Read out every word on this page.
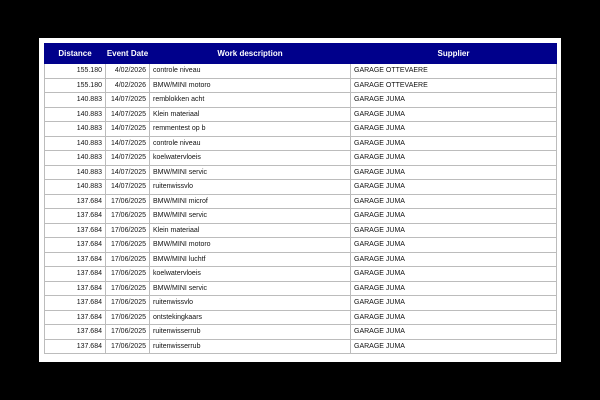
Distance	Event Date	Work description	Supplier
155.180	4/02/2026	controle niveau	GARAGE OTTEVAERE
155.180	4/02/2026	BMW/MINI motoro	GARAGE OTTEVAERE
140.883	14/07/2025	remblokken acht	GARAGE JUMA
140.883	14/07/2025	Klein materiaal	GARAGE JUMA
140.883	14/07/2025	remmentest op b	GARAGE JUMA
140.883	14/07/2025	controle niveau	GARAGE JUMA
140.883	14/07/2025	koelwatervloeis	GARAGE JUMA
140.883	14/07/2025	BMW/MINI servic	GARAGE JUMA
140.883	14/07/2025	ruitenwissvlo	GARAGE JUMA
137.684	17/06/2025	BMW/MINI microf	GARAGE JUMA
137.684	17/06/2025	BMW/MINI servic	GARAGE JUMA
137.684	17/06/2025	Klein materiaal	GARAGE JUMA
137.684	17/06/2025	BMW/MINI motoro	GARAGE JUMA
137.684	17/06/2025	BMW/MINI luchtf	GARAGE JUMA
137.684	17/06/2025	koelwatervloeis	GARAGE JUMA
137.684	17/06/2025	BMW/MINI servic	GARAGE JUMA
137.684	17/06/2025	ruitenwissvlo	GARAGE JUMA
137.684	17/06/2025	ontstekingkaars	GARAGE JUMA
137.684	17/06/2025	ruitenwisserrub	GARAGE JUMA
137.684	17/06/2025	ruitenwisserrub	GARAGE JUMA
